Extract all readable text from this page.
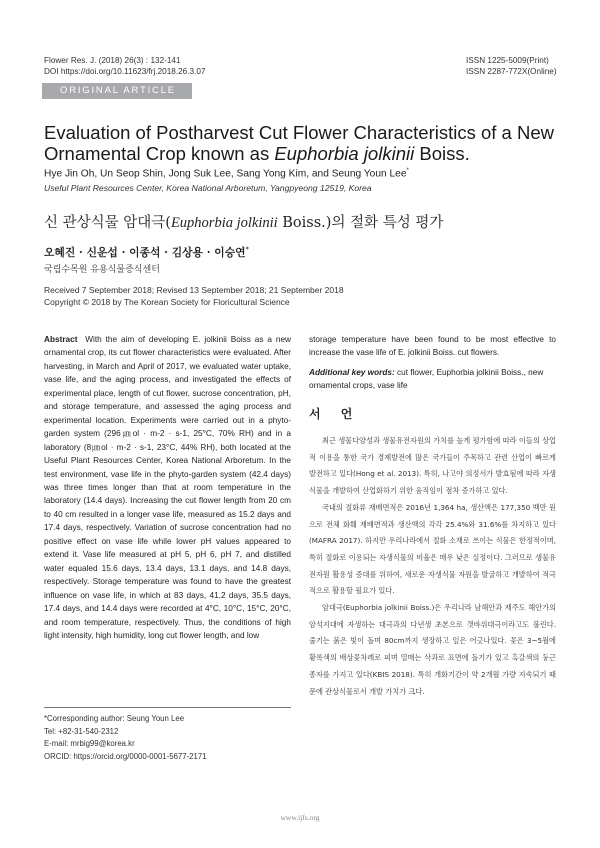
Flower Res. J. (2018) 26(3) : 132-141
DOI https://doi.org/10.11623/frj.2018.26.3.07
ISSN 1225-5009(Print)
ISSN 2287-772X(Online)
ORIGINAL ARTICLE
Evaluation of Postharvest Cut Flower Characteristics of a New
Ornamental Crop known as Euphorbia jolkinii Boiss.
Hye Jin Oh, Un Seop Shin, Jong Suk Lee, Sang Yong Kim, and Seung Youn Lee*
Useful Plant Resources Center, Korea National Arboretum, Yangpyeong 12519, Korea
신 관상식물 암대극(Euphorbia jolkinii Boiss.)의 절화 특성 평가
오혜진 · 신운섭 · 이종석 · 김상용 · 이승연*
국립수목원 유용식물증식센터
Received 7 September 2018; Revised 13 September 2018; 21 September 2018
Copyright © 2018 by The Korean Society for Floricultural Science
Abstract With the aim of developing E. jolkinii Boiss as a new ornamental crop, its cut flower characteristics were evaluated. After harvesting, in March and April of 2017, we evaluated water uptake, vase life, and the aging process, and investigated the effects of experimental place, length of cut flower, sucrose concentration, pH, and storage temperature, and assessed the aging process and experimental location. Experiments were carried out in a phyto-garden system (296㎛ol · m-2 · s-1, 25°C, 70% RH) and in a laboratory (8㎛ol · m-2 · s-1, 23°C, 44% RH), both located at the Useful Plant Resources Center, Korea National Arboretum. In the test environment, vase life in the phyto-garden system (42.4 days) was three times longer than that at room temperature in the laboratory (14.4 days). Increasing the cut flower length from 20 cm to 40 cm resulted in a longer vase life, measured as 15.2 days and 17.4 days, respectively. Variation of sucrose concentration had no positive effect on vase life while lower pH values appeared to extend it. Vase life measured at pH 5, pH 6, pH 7, and distilled water equaled 15.6 days, 13.4 days, 13.1 days, and 14.8 days, respectively. Storage temperature was found to have the greatest influence on vase life, in which at 83 days, 41.2 days, 35.5 days, 17.4 days, and 14.4 days were recorded at 4°C, 10°C, 15°C, 20°C, and room temperature, respectively. Thus, the conditions of high light intensity, high humidity, long cut flower length, and low
storage temperature have been found to be most effective to increase the vase life of E. jolkinii Boiss. cut flowers.
Additional key words: cut flower, Euphorbia jolkinii Boiss., new ornamental crops, vase life
서 언

최근 생물다양성과 생물유전자원의 가치를 높게 평가함에 따라 이들의 상업적 이용을 통한 국가 경제발전에 많은 국가들이 주목하고 관련 산업이 빠르게 발전하고 있다(Hong et al. 2013). 특히, 나고야 의정서가 발효됨에 따라 자생식물을 개발하여 산업화하기 위한 움직임이 점차 증가하고 있다.

국내의 절화류 재배면적은 2016년 1,364 ha, 생산액은 177,350 백만 원으로 전체 화훼 재배면적과 생산액의 각각 25.4%와 31.6%를 차지하고 있다(MAFRA 2017). 하지만 우리나라에서 절화 소재로 쓰이는 식물은 한정적이며, 특히 절화로 이용되는 자생식물의 비율은 매우 낮은 실정이다. 그러므로 생물유전자원 활용성 증대를 위하여, 새로운 자생식물 자원을 발굴하고 개발하여 적극적으로 활용할 필요가 있다.

암대극(Euphorbia jolkinii Boiss.)은 우리나라 남해안과 제주도 해안가의 암석지대에 자생하는 대극과의 다년생 초본으로 갯바위대극이라고도 불린다. 줄기는 붉은 빛이 돌며 80cm까지 생장하고 잎은 어긋나있다. 꽃은 3~5월에 황록색의 배상꽃차례로 피며 열매는 삭과로 표면에 돌기가 있고 흑갈색의 둥근 종자를 가지고 있다(KBIS 2018). 특히 개화기간이 약 2개월 가량 지속되기 때문에 관상식물로서 개발 가치가 크다.

*Corresponding author: Seung Youn Lee
Tel: +82-31-540-2312
E-mail: mrbig99@korea.kr
ORCID: https://orcid.org/0000-0001-5677-2171
www.ijfs.org
